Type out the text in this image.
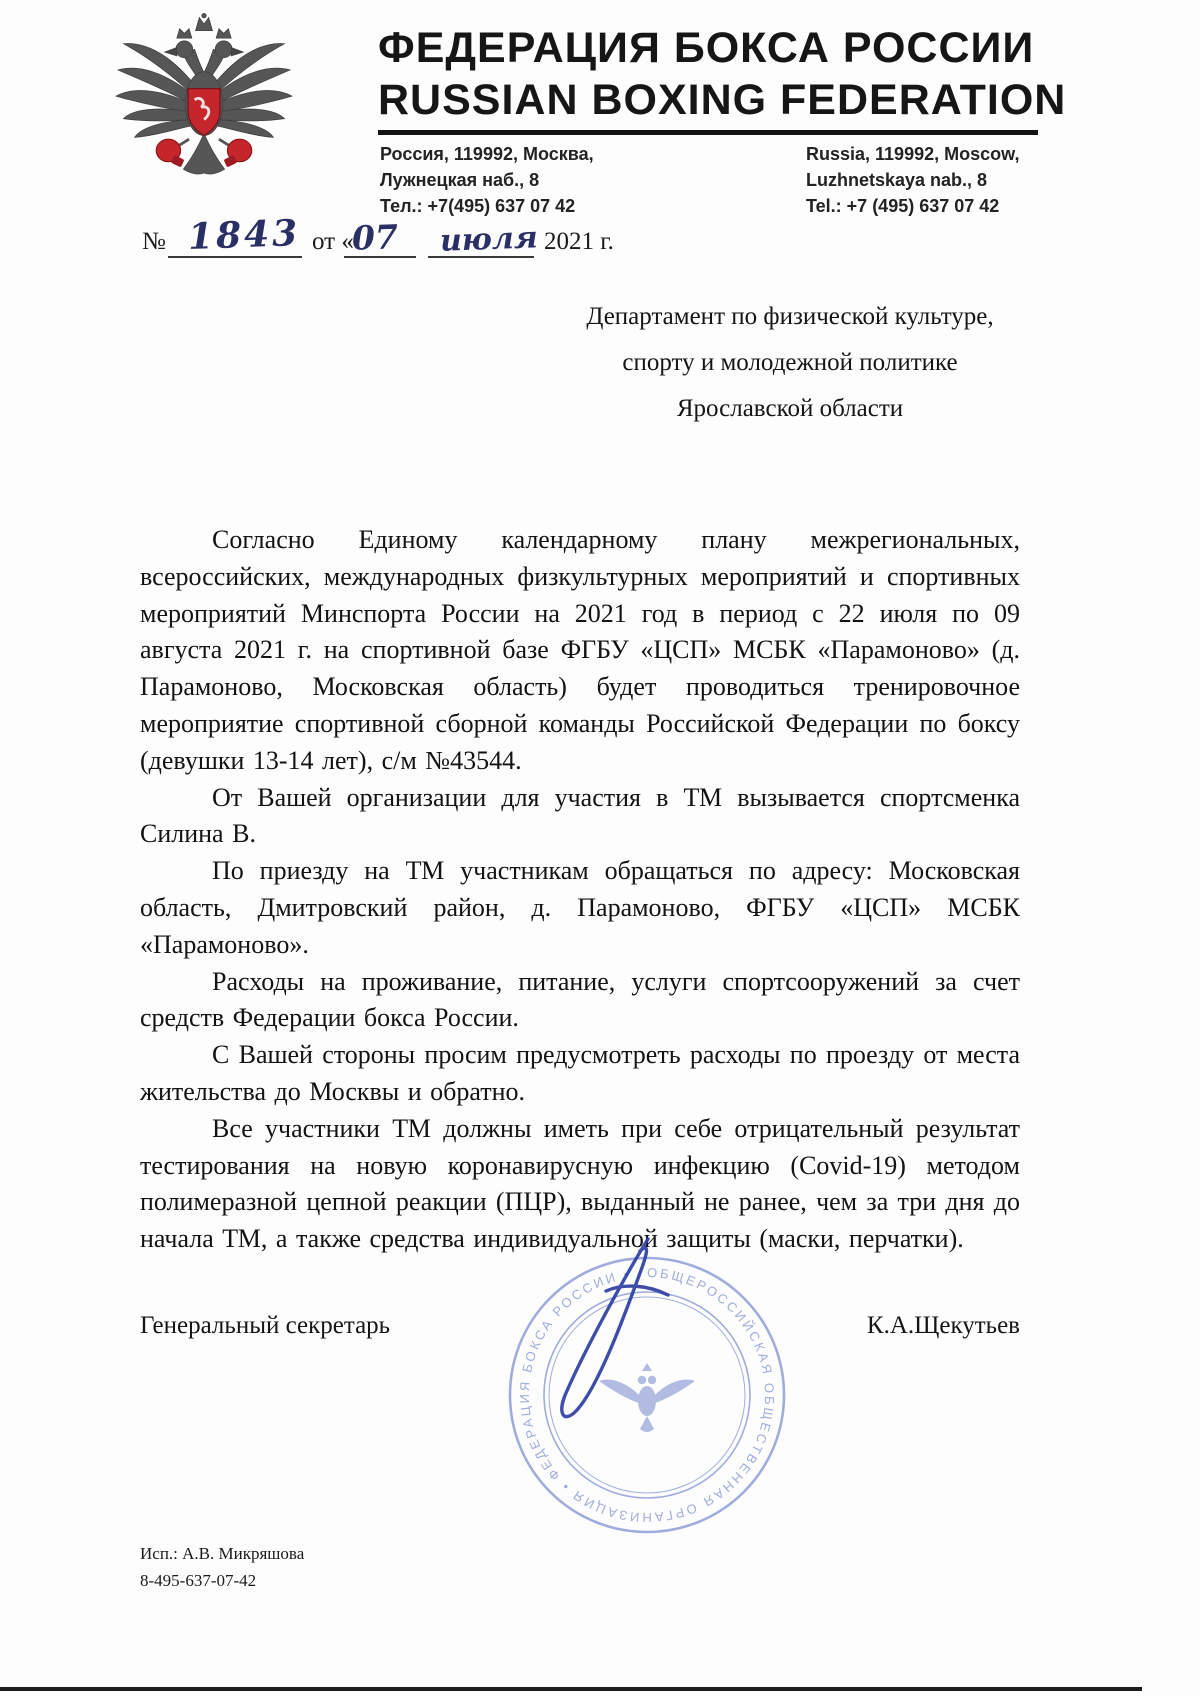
ФЕДЕРАЦИЯ БОКСА РОССИИ
RUSSIAN BOXING FEDERATION
Россия, 119992, Москва,
Лужнецкая наб., 8
Тел.: +7(495) 637 07 42
Russia, 119992, Moscow,
Luzhnetskaya nab., 8
Tel.: +7 (495) 637 07 42
№ 1843 от «
07 июля 2021 г.
Департамент по физической культуре,
спорту и молодежной политике
Ярославской области

Согласно Единому календарному плану межрегиональных, всероссийских, международных физкультурных мероприятий и спортивных мероприятий Минспорта России на 2021 год в период с 22 июля по 09 августа 2021 г. на спортивной базе ФГБУ «ЦСП» МСБК «Парамоново» (д. Парамоново, Московская область) будет проводиться тренировочное мероприятие спортивной сборной команды Российской Федерации по боксу (девушки 13-14 лет), с/м №43544.

От Вашей организации для участия в ТМ вызывается спортсменка Силина В.

По приезду на ТМ участникам обращаться по адресу: Московская область, Дмитровский район, д. Парамоново, ФГБУ «ЦСП» МСБК «Парамоново».

Расходы на проживание, питание, услуги спортсооружений за счет средств Федерации бокса России.

С Вашей стороны просим предусмотреть расходы по проезду от места жительства до Москвы и обратно.

Все участники ТМ должны иметь при себе отрицательный результат тестирования на новую коронавирусную инфекцию (Covid-19) методом полимеразной цепной реакции (ПЦР), выданный не ранее, чем за три дня до начала ТМ, а также средства индивидуальной защиты (маски, перчатки).

ОБЩЕРОССИЙСКАЯ ОБЩЕСТВЕННАЯ ОРГАНИЗАЦИЯ • ФЕДЕРАЦИЯ БОКСА РОССИИ •
Генеральный секретарь	К.А.Щекутьев
Исп.: А.В. Микряшова
8-495-637-07-42
